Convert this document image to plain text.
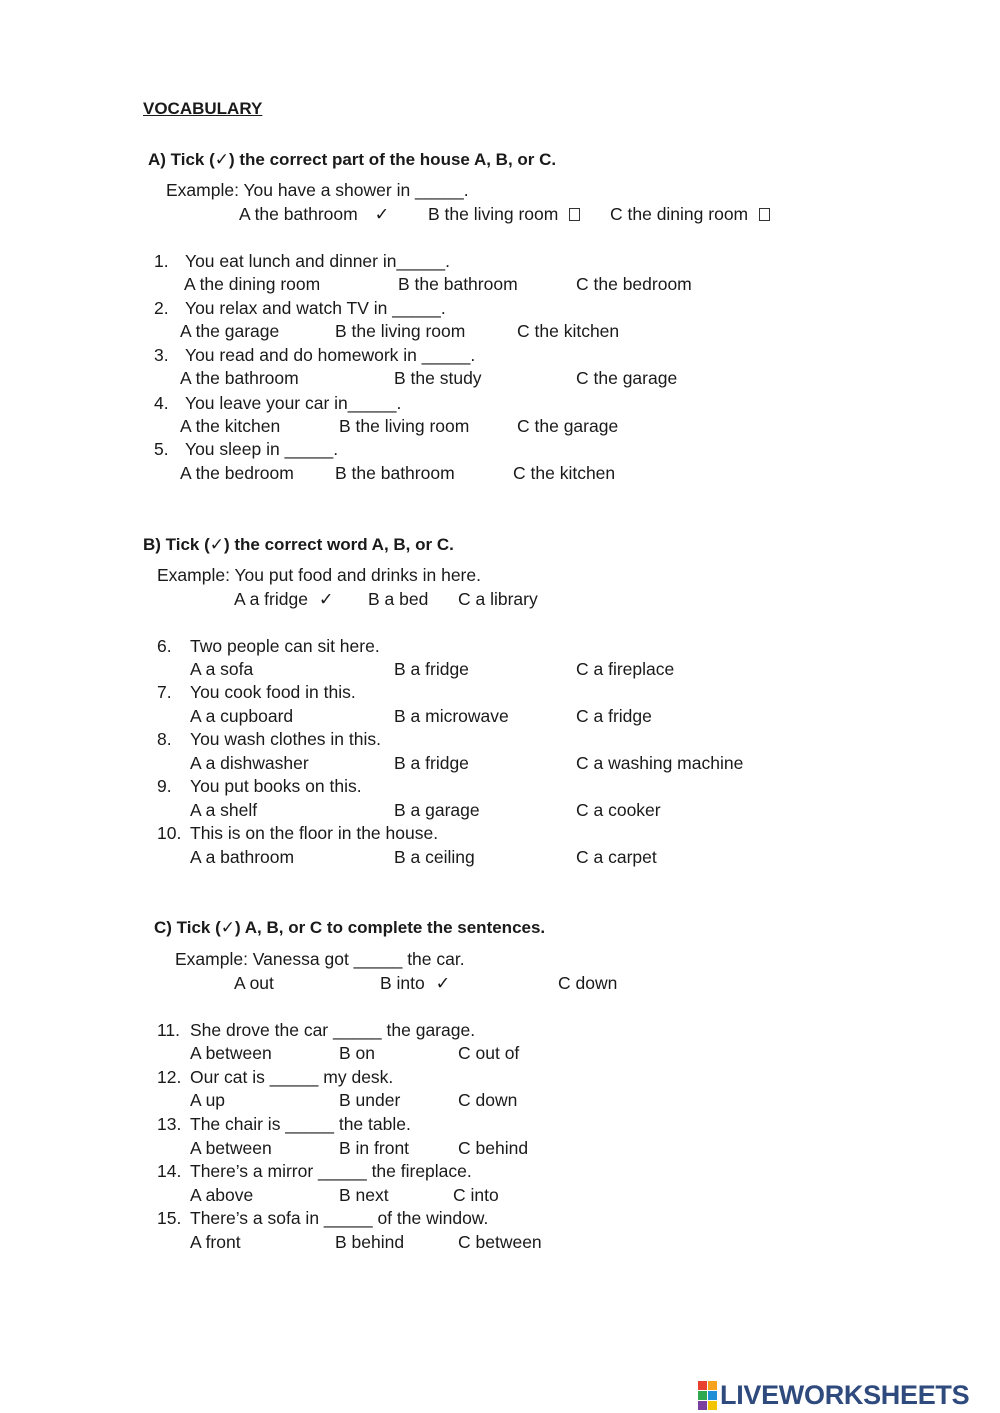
VOCABULARY
A) Tick (✓) the correct part of the house A, B, or C.
Example: You have a shower in _____.
A the bathroom ✓ B the living room	C the dining room
1. You eat lunch and dinner in_____.
A the dining room	B the bathroom	C the bedroom
2. You relax and watch TV in _____.
A the garage	B the living room	C the kitchen
3. You read and do homework in _____.
A the bathroom	B the study	C the garage
4. You leave your car in_____.
A the kitchen	B the living room	C the garage
5. You sleep in _____.
A the bedroom B the bathroom	C the kitchen
B) Tick (✓) the correct word A, B, or C.
Example: You put food and drinks in here.
A a fridge ✓ B a bed C a library
6. Two people can sit here.
A a sofa	B a fridge	C a fireplace
7. You cook food in this.
A a cupboard	B a microwave	C a fridge
8. You wash clothes in this.
A a dishwasher	B a fridge	C a washing machine
9. You put books on this.
A a shelf	B a garage	C a cooker
10. This is on the floor in the house.
A a bathroom	B a ceiling	C a carpet
C) Tick (✓) A, B, or C to complete the sentences.
Example: Vanessa got _____ the car.
A out	B into ✓	C down
11. She drove the car _____ the garage.
A between	B on	C out of
12. Our cat is _____ my desk.
A up	B under	C down
13. The chair is _____ the table.
A between	B in front	C behind
14. There’s a mirror _____ the fireplace.
A above	B next	C into
15. There’s a sofa in _____ of the window.
A front	B behind	C between
LIVEWORKSHEETS
